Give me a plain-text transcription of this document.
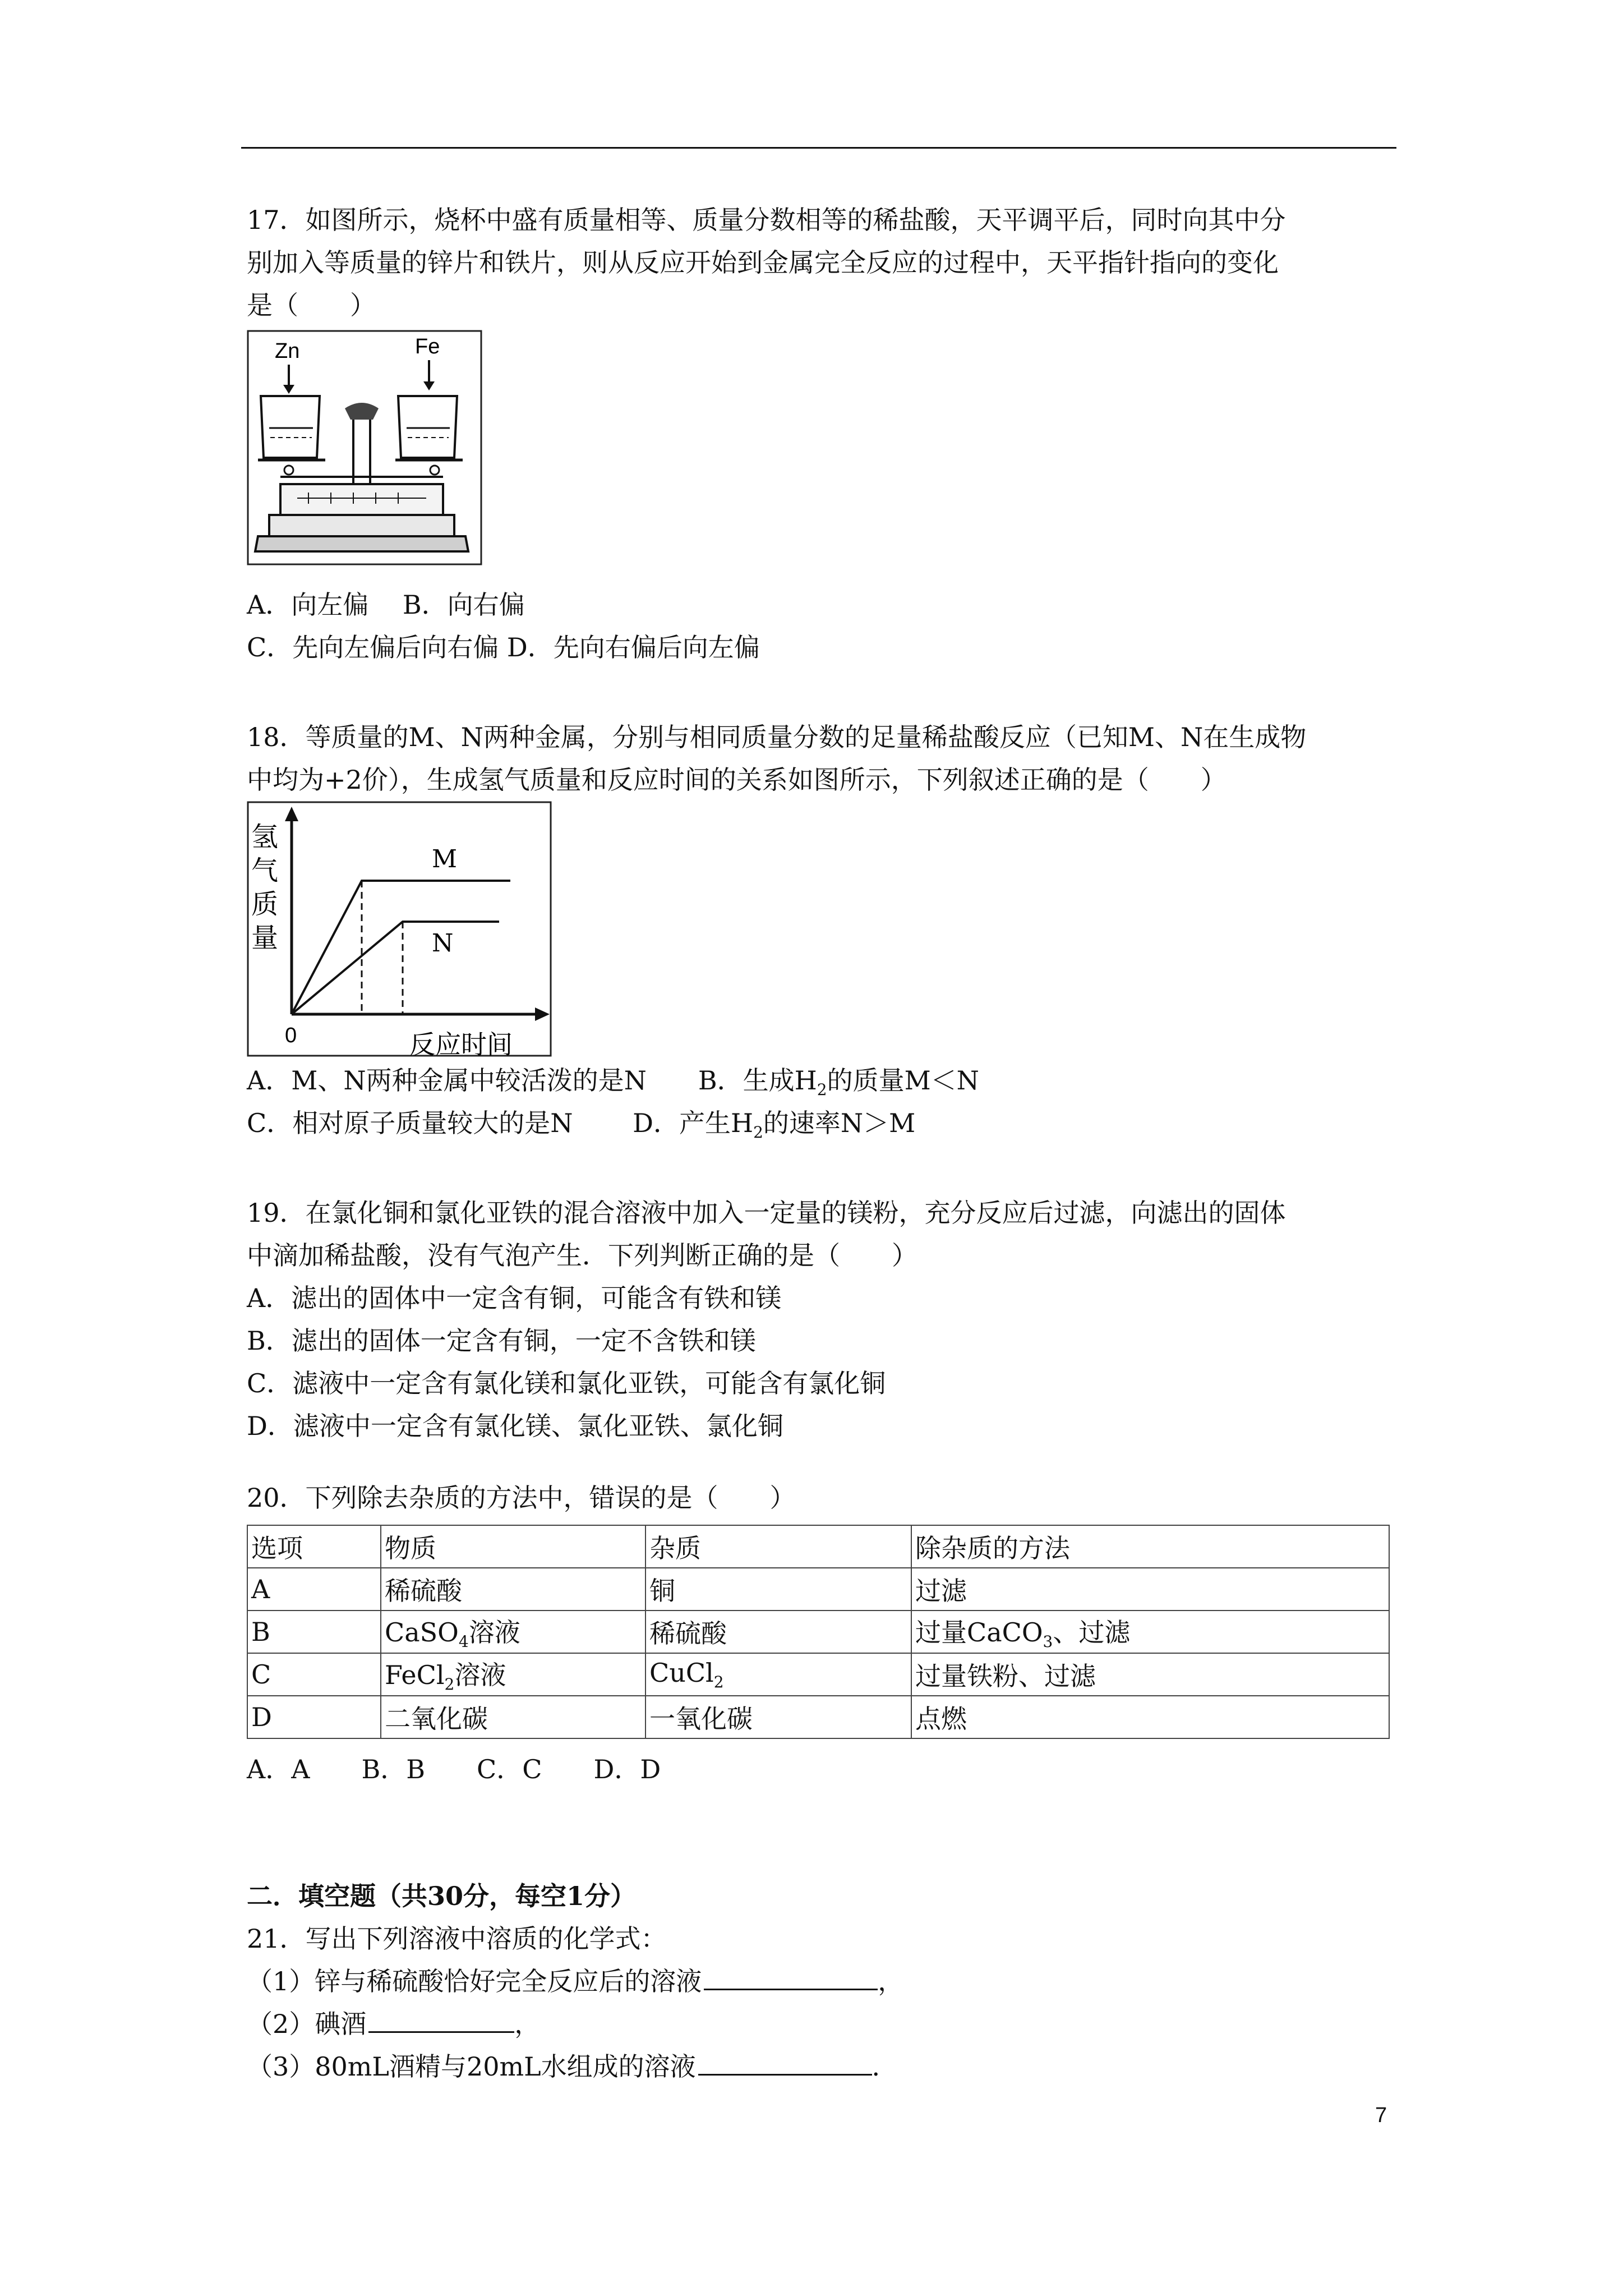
17．如图所示，烧杯中盛有质量相等、质量分数相等的稀盐酸，天平调平后，同时向其中分
别加入等质量的锌片和铁片，则从反应开始到金属完全反应的过程中，天平指针指向的变化
是（　　）
Zn	Fe
A．向左偏　 B．向右偏
C．先向左偏后向右偏 D．先向右偏后向左偏
18．等质量的M、N两种金属，分别与相同质量分数的足量稀盐酸反应（已知M、N在生成物
中均为+2价），生成氢气质量和反应时间的关系如图所示，下列叙述正确的是（　　）
氢
气
质
量
0	反应时间
M
N
A．M、N两种金属中较活泼的是N　　B．生成$H_2$的质量M＜N
C．相对原子质量较大的是N　　 D．产生$H_2$的速率N＞M
19．在氯化铜和氯化亚铁的混合溶液中加入一定量的镁粉，充分反应后过滤，向滤出的固体
中滴加稀盐酸，没有气泡产生．下列判断正确的是（　　）
A．滤出的固体中一定含有铜，可能含有铁和镁
B．滤出的固体一定含有铜，一定不含铁和镁
C．滤液中一定含有氯化镁和氯化亚铁，可能含有氯化铜
D．滤液中一定含有氯化镁、氯化亚铁、氯化铜
20．下列除去杂质的方法中，错误的是（　　）
选项	物质	杂质	除杂质的方法
A	稀硫酸	铜	过滤
B	CaSO$_4$溶液	稀硫酸	过量CaCO$_3$、过滤
C	FeCl$_2$溶液	CuCl$_2$	过量铁粉、过滤
D	二氧化碳	一氧化碳	点燃
A．A　　B．B　　C．C　　D．D
二．填空题（共30分，每空1分）
21．写出下列溶液中溶质的化学式：
（1）锌与稀硫酸恰好完全反应后的溶液	，
（2）碘酒	，
（3）80mL酒精与20mL水组成的溶液	．
7
